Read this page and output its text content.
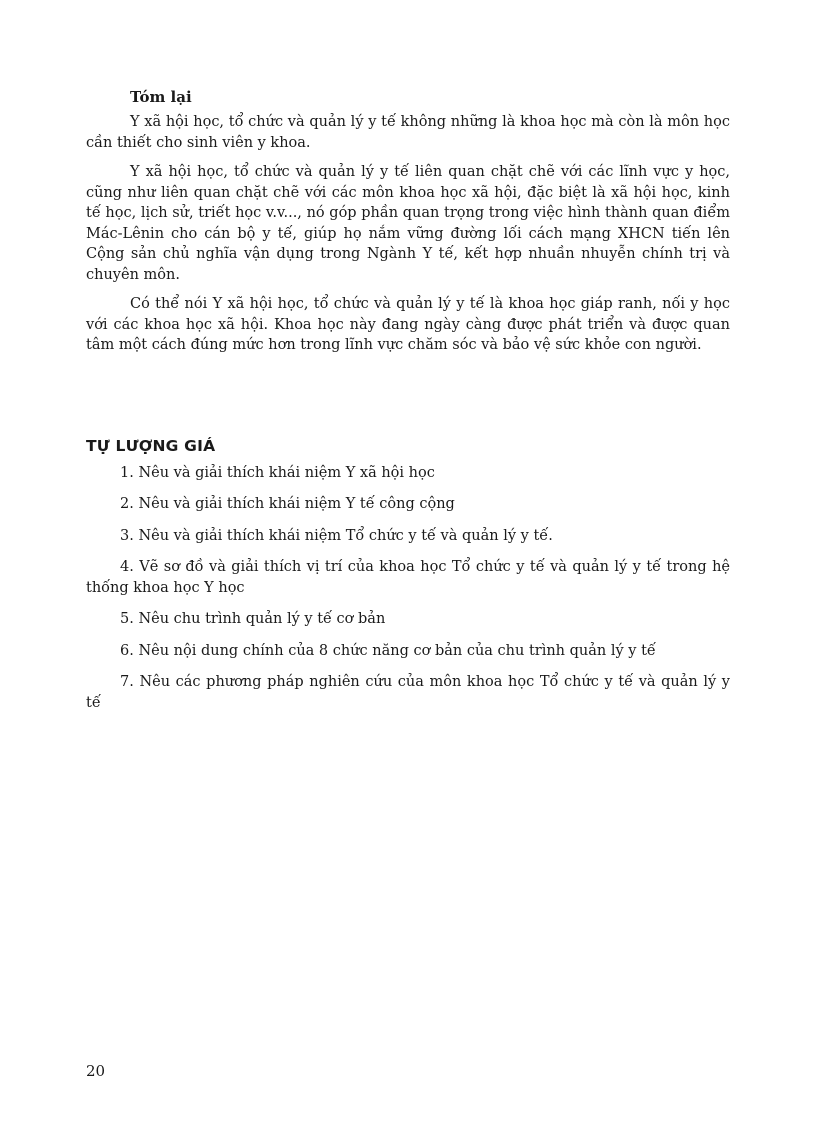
Tóm lại

Y xã hội học, tổ chức và quản lý y tế không những là khoa học mà còn là môn học cần thiết cho sinh viên y khoa.

Y xã hội học, tổ chức và quản lý y tế liên quan chặt chẽ với các lĩnh vực y học, cũng như liên quan chặt chẽ với các môn khoa học xã hội, đặc biệt là xã hội học, kinh tế học, lịch sử, triết học v.v..., nó góp phần quan trọng trong việc hình thành quan điểm Mác-Lênin cho cán bộ y tế, giúp họ nắm vững đường lối cách mạng XHCN tiến lên Cộng sản chủ nghĩa vận dụng trong Ngành Y tế, kết hợp nhuần nhuyễn chính trị và chuyên môn.

Có thể nói Y xã hội học, tổ chức và quản lý y tế là khoa học giáp ranh, nối y học với các khoa học xã hội. Khoa học này đang ngày càng được phát triển và được quan tâm một cách đúng mức hơn trong lĩnh vực chăm sóc và bảo vệ sức khỏe con người.

TỰ LƯỢNG GIÁ
1. Nêu và giải thích khái niệm Y xã hội học
2. Nêu và giải thích khái niệm Y tế công cộng
3. Nêu và giải thích khái niệm Tổ chức y tế và quản lý y tế.
4. Vẽ sơ đồ và giải thích vị trí của khoa học Tổ chức y tế và quản lý y tế trong hệ thống khoa học Y học
5. Nêu chu trình quản lý y tế cơ bản
6. Nêu nội dung chính của 8 chức năng cơ bản của chu trình quản lý y tế
7. Nêu các phương pháp nghiên cứu của môn khoa học Tổ chức y tế và quản lý y tế
20
